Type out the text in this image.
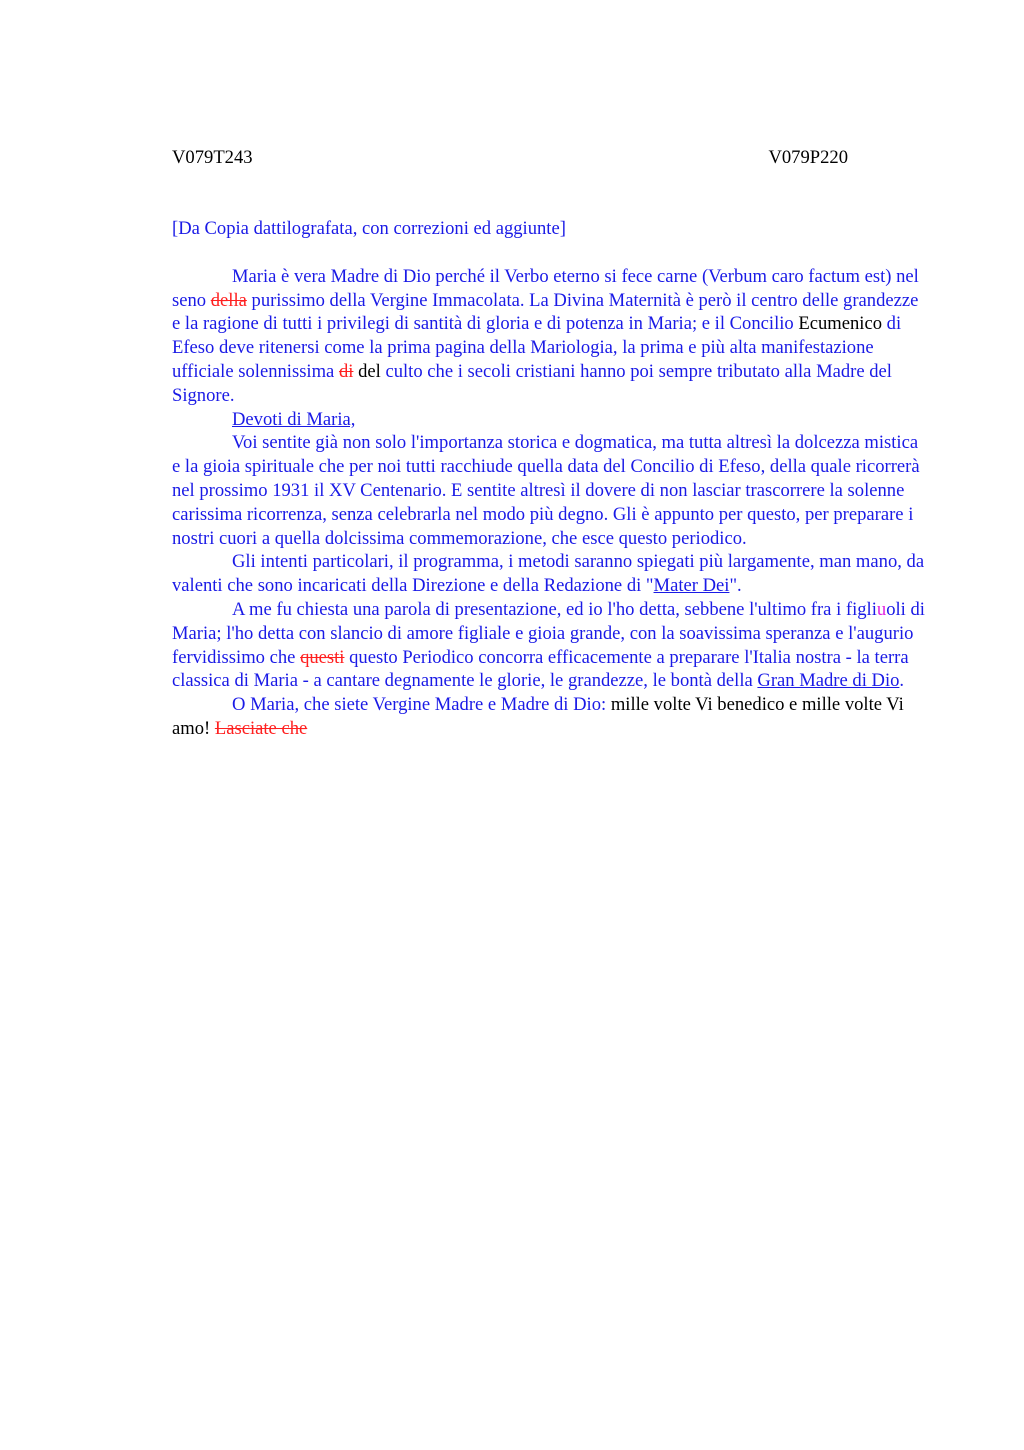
V079T243	V079P220

[Da Copia dattilografata, con correzioni ed aggiunte]

Maria è vera Madre di Dio perché il Verbo eterno si fece carne (Verbum caro factum est) nel seno della purissimo della Vergine Immacolata. La Divina Maternità è però il centro delle grandezze e la ragione di tutti i privilegi di santità di gloria e di potenza in Maria; e il Concilio Ecumenico di Efeso deve ritenersi come la prima pagina della Mariologia, la prima e più alta manifestazione ufficiale solennissima di del culto che i secoli cristiani hanno poi sempre tributato alla Madre del Signore.

Devoti di Maria,

Voi sentite già non solo l'importanza storica e dogmatica, ma tutta altresì la dolcezza mistica e la gioia spirituale che per noi tutti racchiude quella data del Concilio di Efeso, della quale ricorrerà nel prossimo 1931 il XV Centenario. E sentite altresì il dovere di non lasciar trascorrere la solenne carissima ricorrenza, senza celebrarla nel modo più degno. Gli è appunto per questo, per preparare i nostri cuori a quella dolcissima commemorazione, che esce questo periodico.

Gli intenti particolari, il programma, i metodi saranno spiegati più largamente, man mano, da valenti che sono incaricati della Direzione e della Redazione di "Mater Dei".

A me fu chiesta una parola di presentazione, ed io l'ho detta, sebbene l'ultimo fra i figliuoli di Maria; l'ho detta con slancio di amore figliale e gioia grande, con la soavissima speranza e l'augurio fervidissimo che questi questo Periodico concorra efficacemente a preparare l'Italia nostra - la terra classica di Maria - a cantare degnamente le glorie, le grandezze, le bontà della Gran Madre di Dio.

O Maria, che siete Vergine Madre e Madre di Dio: mille volte Vi benedico e mille volte Vi amo! Lasciate che
